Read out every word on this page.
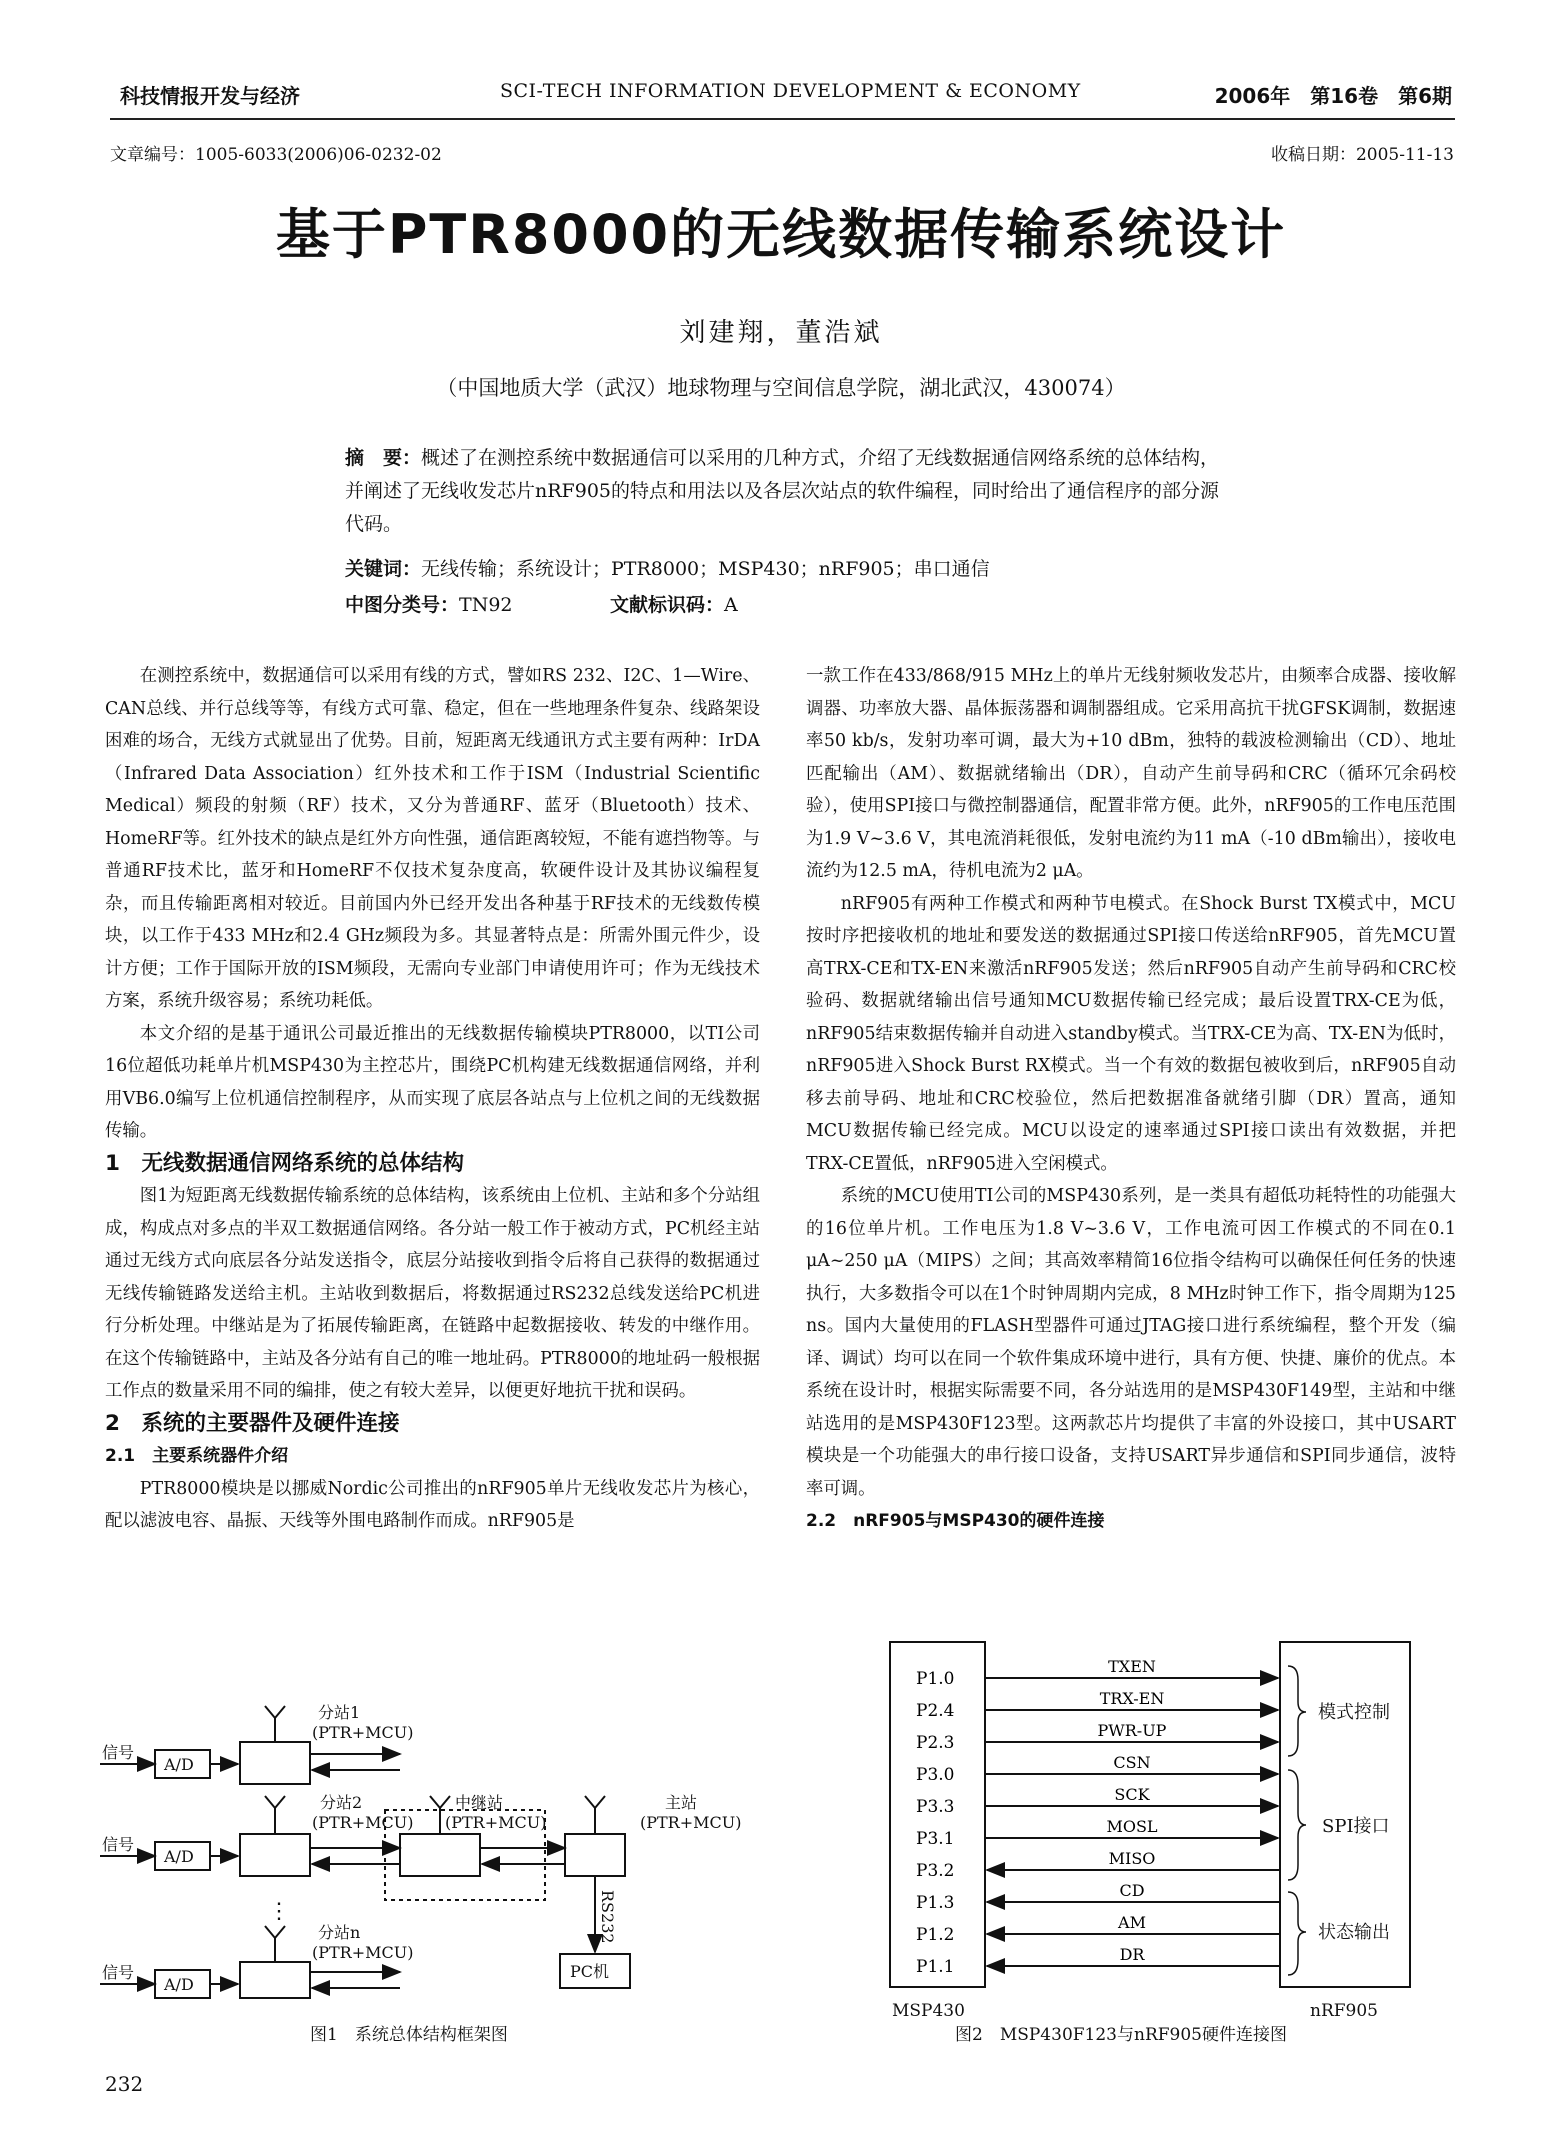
科技情报开发与经济	SCI-TECH INFORMATION DEVELOPMENT & ECONOMY	2006年　第16卷　第6期
文章编号：1005-6033(2006)06-0232-02	收稿日期：2005-11-13
基于PTR8000的无线数据传输系统设计
刘建翔，董浩斌
（中国地质大学（武汉）地球物理与空间信息学院，湖北武汉，430074）
摘　要：概述了在测控系统中数据通信可以采用的几种方式，介绍了无线数据通信网络系统的总体结构，并阐述了无线收发芯片nRF905的特点和用法以及各层次站点的软件编程，同时给出了通信程序的部分源代码。
关键词：无线传输；系统设计；PTR8000；MSP430；nRF905；串口通信
中图分类号：TN92	文献标识码：A

在测控系统中，数据通信可以采用有线的方式，譬如RS 232、I2C、1—Wire、CAN总线、并行总线等等，有线方式可靠、稳定，但在一些地理条件复杂、线路架设困难的场合，无线方式就显出了优势。目前，短距离无线通讯方式主要有两种：IrDA（Infrared Data Association）红外技术和工作于ISM（Industrial Scientific Medical）频段的射频（RF）技术，又分为普通RF、蓝牙（Bluetooth）技术、HomeRF等。红外技术的缺点是红外方向性强，通信距离较短，不能有遮挡物等。与普通RF技术比，蓝牙和HomeRF不仅技术复杂度高，软硬件设计及其协议编程复杂，而且传输距离相对较近。目前国内外已经开发出各种基于RF技术的无线数传模块，以工作于433 MHz和2.4 GHz频段为多。其显著特点是：所需外围元件少，设计方便；工作于国际开放的ISM频段，无需向专业部门申请使用许可；作为无线技术方案，系统升级容易；系统功耗低。

本文介绍的是基于通讯公司最近推出的无线数据传输模块PTR8000，以TI公司16位超低功耗单片机MSP430为主控芯片，围绕PC机构建无线数据通信网络，并利用VB6.0编写上位机通信控制程序，从而实现了底层各站点与上位机之间的无线数据传输。

1　无线数据通信网络系统的总体结构

图1为短距离无线数据传输系统的总体结构，该系统由上位机、主站和多个分站组成，构成点对多点的半双工数据通信网络。各分站一般工作于被动方式，PC机经主站通过无线方式向底层各分站发送指令，底层分站接收到指令后将自己获得的数据通过无线传输链路发送给主机。主站收到数据后，将数据通过RS232总线发送给PC机进行分析处理。中继站是为了拓展传输距离，在链路中起数据接收、转发的中继作用。在这个传输链路中，主站及各分站有自己的唯一地址码。PTR8000的地址码一般根据工作点的数量采用不同的编排，使之有较大差异，以便更好地抗干扰和误码。

2　系统的主要器件及硬件连接

2.1　主要系统器件介绍

PTR8000模块是以挪威Nordic公司推出的nRF905单片无线收发芯片为核心，配以滤波电容、晶振、天线等外围电路制作而成。nRF905是

一款工作在433/868/915 MHz上的单片无线射频收发芯片，由频率合成器、接收解调器、功率放大器、晶体振荡器和调制器组成。它采用高抗干扰GFSK调制，数据速率50 kb/s，发射功率可调，最大为+10 dBm，独特的载波检测输出（CD）、地址匹配输出（AM）、数据就绪输出（DR），自动产生前导码和CRC（循环冗余码校验），使用SPI接口与微控制器通信，配置非常方便。此外，nRF905的工作电压范围为1.9 V~3.6 V，其电流消耗很低，发射电流约为11 mA（-10 dBm输出），接收电流约为12.5 mA，待机电流为2 μA。

nRF905有两种工作模式和两种节电模式。在Shock Burst TX模式中，MCU按时序把接收机的地址和要发送的数据通过SPI接口传送给nRF905，首先MCU置高TRX-CE和TX-EN来激活nRF905发送；然后nRF905自动产生前导码和CRC校验码、数据就绪输出信号通知MCU数据传输已经完成；最后设置TRX-CE为低，nRF905结束数据传输并自动进入standby模式。当TRX-CE为高、TX-EN为低时，nRF905进入Shock Burst RX模式。当一个有效的数据包被收到后，nRF905自动移去前导码、地址和CRC校验位，然后把数据准备就绪引脚（DR）置高，通知MCU数据传输已经完成。MCU以设定的速率通过SPI接口读出有效数据，并把TRX-CE置低，nRF905进入空闲模式。

系统的MCU使用TI公司的MSP430系列，是一类具有超低功耗特性的功能强大的16位单片机。工作电压为1.8 V~3.6 V，工作电流可因工作模式的不同在0.1 μA~250 μA（MIPS）之间；其高效率精简16位指令结构可以确保任何任务的快速执行，大多数指令可以在1个时钟周期内完成，8 MHz时钟工作下，指令周期为125 ns。国内大量使用的FLASH型器件可通过JTAG接口进行系统编程，整个开发（编译、调试）均可以在同一个软件集成环境中进行，具有方便、快捷、廉价的优点。本系统在设计时，根据实际需要不同，各分站选用的是MSP430F149型，主站和中继站选用的是MSP430F123型。这两款芯片均提供了丰富的外设接口，其中USART模块是一个功能强大的串行接口设备，支持USART异步通信和SPI同步通信，波特率可调。

2.2　nRF905与MSP430的硬件连接

信号
A/D
分站1
(PTR+MCU)
信号
A/D
分站2
(PTR+MCU)
中继站
(PTR+MCU)
主站
(PTR+MCU)
RS232
PC机
⋮
信号
A/D
分站n
(PTR+MCU)
图1　系统总体结构框架图
P1.0
TXEN
P2.4
TRX-EN
P2.3
PWR-UP
P3.0
CSN
P3.3
SCK
P3.1
MOSL
P3.2
MISO
P1.3
CD
P1.2
AM
P1.1
DR
模式控制
SPI接口
状态输出
MSP430	nRF905
图2　MSP430F123与nRF905硬件连接图
232
